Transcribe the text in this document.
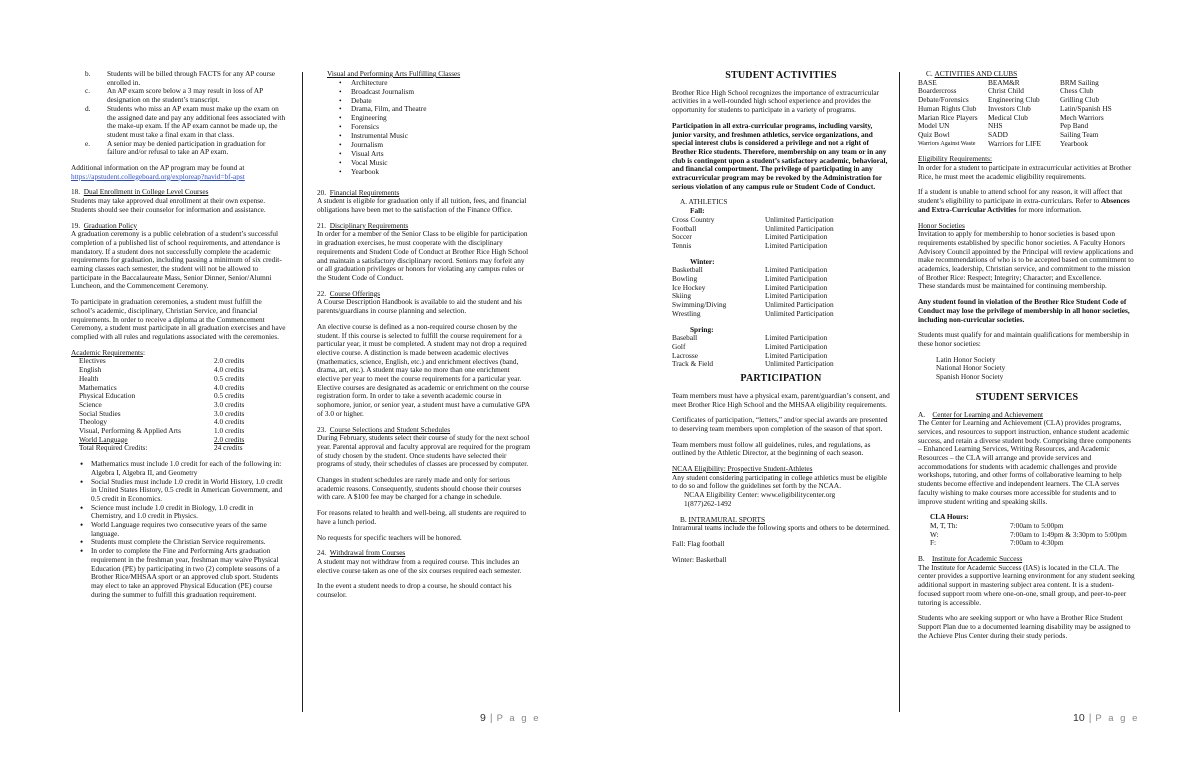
b.	Students will be billed through FACTS for any AP course enrolled in.
c.	An AP exam score below a 3 may result in loss of AP designation on the student’s transcript.
d.	Students who miss an AP exam must make up the exam on the assigned date and pay any additional fees associated with the make-up exam. If the AP exam cannot be made up, the student must take a final exam in that class.
e.	A senior may be denied participation in graduation for failure and/or refusal to take an AP exam.

Additional information on the AP program may be found at
https://apstudent.collegeboard.org/exploreap?navid=bf-apst

18. Dual Enrollment in College Level Courses
Students may take approved dual enrollment at their own expense. Students should see their counselor for information and assistance.
19. Graduation Policy

A graduation ceremony is a public celebration of a student’s successful completion of a published list of school requirements, and attendance is mandatory. If a student does not successfully complete the academic requirements for graduation, including passing a minimum of six credit-earning classes each semester, the student will not be allowed to participate in the Baccalaureate Mass, Senior Dinner, Senior/Alumni Luncheon, and the Commencement Ceremony.

To participate in graduation ceremonies, a student must fulfill the school’s academic, disciplinary, Christian Service, and financial requirements. In order to receive a diploma at the Commencement Ceremony, a student must participate in all graduation exercises and have complied with all rules and regulations associated with the ceremonies.

Academic Requirements:
Electives	2.0 credits
English	4.0 credits
Health	0.5 credits
Mathematics	4.0 credits
Physical Education	0.5 credits
Science	3.0 credits
Social Studies	3.0 credits
Theology	4.0 credits
Visual, Performing & Applied Arts	1.0 credits
World Language	2.0 credits
Total Required Credits:	24 credits
• Mathematics must include 1.0 credit for each of the following in: Algebra I, Algebra II, and Geometry
• Social Studies must include 1.0 credit in World History, 1.0 credit in United States History, 0.5 credit in American Government, and 0.5 credit in Economics.
• Science must include 1.0 credit in Biology, 1.0 credit in Chemistry, and 1.0 credit in Physics.
• World Language requires two consecutive years of the same language.
• Students must complete the Christian Service requirements.
• In order to complete the Fine and Performing Arts graduation requirement in the freshman year, freshman may waive Physical Education (PE) by participating in two (2) complete seasons of a Brother Rice/MHSAA sport or an approved club sport. Students may elect to take an approved Physical Education (PE) course during the summer to fulfill this graduation requirement.
Visual and Performing Arts Fulfilling Classes
• Architecture
• Broadcast Journalism
• Debate
• Drama, Film, and Theatre
• Engineering
• Forensics
• Instrumental Music
• Journalism
• Visual Arts
• Vocal Music
• Yearbook
20. Financial Requirements
A student is eligible for graduation only if all tuition, fees, and financial obligations have been met to the satisfaction of the Finance Office.
21. Disciplinary Requirements
In order for a member of the Senior Class to be eligible for participation in graduation exercises, he must cooperate with the disciplinary requirements and Student Code of Conduct at Brother Rice High School and maintain a satisfactory disciplinary record. Seniors may forfeit any or all graduation privileges or honors for violating any campus rules or the Student Code of Conduct.
22. Course Offerings

A Course Description Handbook is available to aid the student and his parents/guardians in course planning and selection.

An elective course is defined as a non-required course chosen by the student. If this course is selected to fulfill the course requirement for a particular year, it must be completed. A student may not drop a required elective course. A distinction is made between academic electives (mathematics, science, English, etc.) and enrichment electives (band, drama, art, etc.). A student may take no more than one enrichment elective per year to meet the course requirements for a particular year. Elective courses are designated as academic or enrichment on the course registration form. In order to take a seventh academic course in sophomore, junior, or senior year, a student must have a cumulative GPA of 3.0 or higher.

23. Course Selections and Student Schedules

During February, students select their course of study for the next school year. Parental approval and faculty approval are required for the program of study chosen by the student. Once students have selected their programs of study, their schedules of classes are processed by computer.

Changes in student schedules are rarely made and only for serious academic reasons. Consequently, students should choose their courses with care. A $100 fee may be charged for a change in schedule.

For reasons related to health and well-being, all students are required to have a lunch period.

No requests for specific teachers will be honored.

24. Withdrawal from Courses

A student may not withdraw from a required course. This includes an elective course taken as one of the six courses required each semester.

In the event a student needs to drop a course, he should contact his counselor.

9 | P a g e
STUDENT ACTIVITIES

Brother Rice High School recognizes the importance of extracurricular activities in a well-rounded high school experience and provides the opportunity for students to participate in a variety of programs.

Participation in all extra-curricular programs, including varsity, junior varsity, and freshmen athletics, service organizations, and special interest clubs is considered a privilege and not a right of Brother Rice students. Therefore, membership on any team or in any club is contingent upon a student’s satisfactory academic, behavioral, and financial comportment. The privilege of participating in any extracurricular program may be revoked by the Administration for serious violation of any campus rule or Student Code of Conduct.

A. ATHLETICS
Fall:
Cross Country	Unlimited Participation
Football	Unlimited Participation
Soccer	Limited Participation
Tennis	Limited Participation
Winter:
Basketball	Limited Participation
Bowling	Limited Participation
Ice Hockey	Limited Participation
Skiing	Limited Participation
Swimming/Diving	Unlimited Participation
Wrestling	Unlimited Participation
Spring:
Baseball	Limited Participation
Golf	Limited Participation
Lacrosse	Limited Participation
Track & Field	Unlimited Participation
PARTICIPATION

Team members must have a physical exam, parent/guardian’s consent, and meet Brother Rice High School and the MHSAA eligibility requirements.

Certificates of participation, “letters,” and/or special awards are presented to deserving team members upon completion of the season of that sport.

Team members must follow all guidelines, rules, and regulations, as outlined by the Athletic Director, at the beginning of each season.

NCAA Eligibility: Prospective Student-Athletes
Any student considering participating in college athletics must be eligible to do so and follow the guidelines set forth by the NCAA.
NCAA Eligibility Center: www.eligibilitycenter.org
1(877)262-1492
B. INTRAMURAL SPORTS

Intramural teams include the following sports and others to be determined.

Fall: Flag football

Winter: Basketball

C. ACTIVITIES AND CLUBS
BASE	BEAM&R	BRM Sailing
Boardercross	Christ Child	Chess Club
Debate/Forensics	Engineering Club	Grilling Club
Human Rights Club	Investors Club	Latin/Spanish HS
Marian Rice Players	Medical Club	Mech Warriors
Model UN	NHS	Pep Band
Quiz Bowl	SADD	Sailing Team
Warriors Against Waste	Warriors for LIFE	Yearbook
Eligibility Requirements:

In order for a student to participate in extracurricular activities at Brother Rice, he must meet the academic eligibility requirements.

If a student is unable to attend school for any reason, it will affect that student’s eligibility to participate in extra-curriculars. Refer to Absences and Extra-Curricular Activities for more information.

Honor Societies
Invitation to apply for membership to honor societies is based upon requirements established by specific honor societies. A Faculty Honors Advisory Council appointed by the Principal will review applications and make recommendations of who is to be accepted based on commitment to academics, leadership, Christian service, and commitment to the mission of Brother Rice: Respect; Integrity; Character; and Excellence.

These standards must be maintained for continuing membership.

Any student found in violation of the Brother Rice Student Code of Conduct may lose the privilege of membership in all honor societies, including non-curricular societies.

Students must qualify for and maintain qualifications for membership in these honor societies:

Latin Honor Society
National Honor Society
Spanish Honor Society
STUDENT SERVICES
A. Center for Learning and Achievement

The Center for Learning and Achievement (CLA) provides programs, services, and resources to support instruction, enhance student academic success, and retain a diverse student body. Comprising three components – Enhanced Learning Services, Writing Resources, and Academic Resources – the CLA will arrange and provide services and accommodations for students with academic challenges and provide workshops, tutoring, and other forms of collaborative learning to help students become effective and independent learners. The CLA serves faculty wishing to make courses more accessible for students and to improve student writing and speaking skills.

CLA Hours:
M, T, Th:	7:00am to 5:00pm
W:	7:00am to 1:49pm & 3:30pm to 5:00pm
F:	7:00am to 4:30pm
B. Institute for Academic Success

The Institute for Academic Success (IAS) is located in the CLA. The center provides a supportive learning environment for any student seeking additional support in mastering subject area content. It is a student-focused support room where one-on-one, small group, and peer-to-peer tutoring is accessible.

Students who are seeking support or who have a Brother Rice Student Support Plan due to a documented learning disability may be assigned to the Achieve Plus Center during their study periods.

10 | P a g e
